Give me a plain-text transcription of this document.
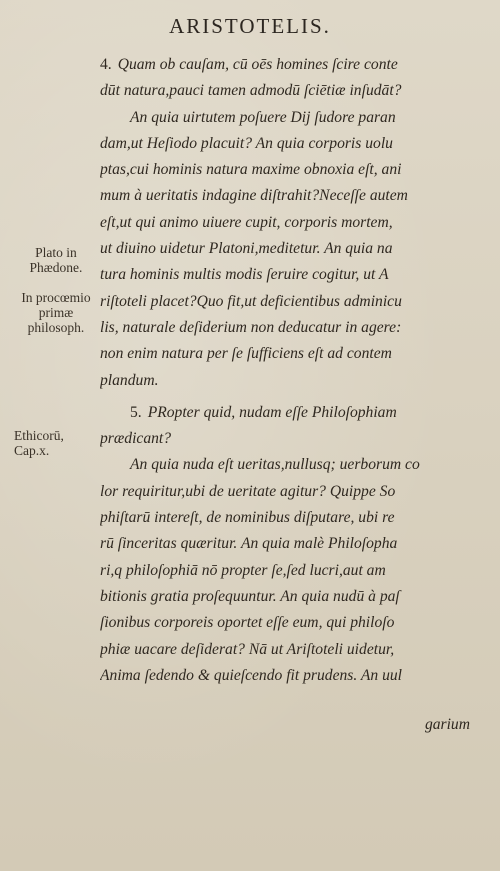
ARISTOTELIS.
Plato in Phædone.
In procœmio primæ philosoph.
Ethicorū, Cap.x.
4. Quam ob cauſam, cū oēs homines ſcire conte
dūt natura,pauci tamen admodū ſciētiæ inſudāt?
An quia uirtutem poſuere Dij ſudore paran
dam,ut Heſiodo placuit? An quia corporis uolu
ptas,cui hominis natura maxime obnoxia eſt, ani
mum à ueritatis indagine diſtrahit?Neceſſe autem
eſt,ut qui animo uiuere cupit, corporis mortem,
ut diuino uidetur Platoni,meditetur. An quia na
tura hominis multis modis ſeruire cogitur, ut A
riſtoteli placet?Quo fit,ut deficientibus adminicu
lis, naturale deſiderium non deducatur in agere:
non enim natura per ſe ſufficiens eſt ad contem
plandum.
5. PRopter quid, nudam eſſe Philoſophiam
prædicant?
An quia nuda eſt ueritas,nullusq; uerborum co
lor requiritur,ubi de ueritate agitur? Quippe So
phiſtarū intereſt, de nominibus diſputare, ubi re
rū ſinceritas quæritur. An quia malè Philoſopha
ri,q philoſophiā nō propter ſe,ſed lucri,aut am
bitionis gratia proſequuntur. An quia nudū à paſ
ſionibus corporeis oportet eſſe eum, qui philoſo
phiæ uacare deſiderat? Nā ut Ariſtoteli uidetur,
Anima ſedendo & quieſcendo fit prudens. An uul
garium
